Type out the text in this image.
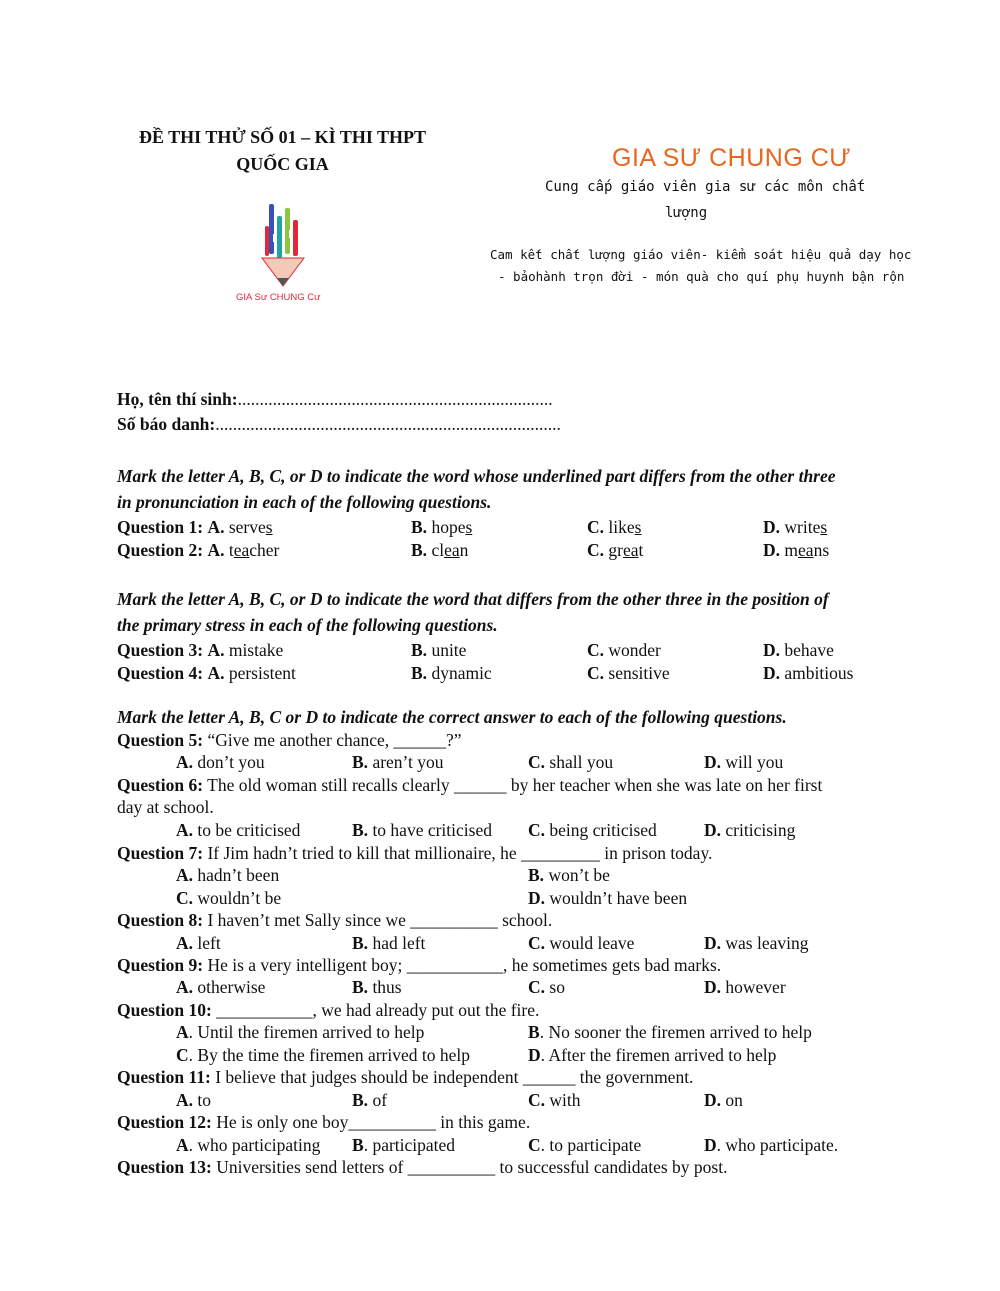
ĐỀ THI THỬ SỐ 01 – KÌ THI THPT
QUỐC GIA
GIA Sư CHUNG Cư
GIA SƯ CHUNG CƯ
Cung cấp giáo viên gia sư các môn chất
lượng
Cam kết chất lượng giáo viên- kiểm soát hiệu quả dạy học
- bảohành trọn đời - món quà cho quí phụ huynh bận rộn
Họ, tên thí sinh:........................................................................
Số báo danh:...............................................................................
Mark the letter A, B, C, or D to indicate the word whose underlined part differs from the other three
in pronunciation in each of the following questions.
Question 1: A. serves	B. hopes	C. likes	D. writes
Question 2: A. teacher	B. clean	C. great	D. means
Mark the letter A, B, C, or D to indicate the word that differs from the other three in the position of
the primary stress in each of the following questions.
Question 3: A. mistake	B. unite	C. wonder	D. behave
Question 4: A. persistent	B. dynamic	C. sensitive	D. ambitious
Mark the letter A, B, C or D to indicate the correct answer to each of the following questions.
Question 5: “Give me another chance, ______?”
A. don’t you	B. aren’t you	C. shall you	D. will you
Question 6: The old woman still recalls clearly ______ by her teacher when she was late on her first
day at school.
A. to be criticised	B. to have criticised C. being criticised	D. criticising
Question 7: If Jim hadn’t tried to kill that millionaire, he _________ in prison today.
A. hadn’t been	B. won’t be
C. wouldn’t be	D. wouldn’t have been
Question 8: I haven’t met Sally since we __________ school.
A. left	B. had left	C. would leave	D. was leaving
Question 9: He is a very intelligent boy; ___________, he sometimes gets bad marks.
A. otherwise	B. thus	C. so	D. however
Question 10: ___________, we had already put out the fire.
A. Until the firemen arrived to help	B. No sooner the firemen arrived to help
C. By the time the firemen arrived to help	D. After the firemen arrived to help
Question 11: I believe that judges should be independent ______ the government.
A. to	B. of	C. with	D. on
Question 12: He is only one boy__________ in this game.
A. who participating B. participated	C. to participate	D. who participate.
Question 13: Universities send letters of __________ to successful candidates by post.
